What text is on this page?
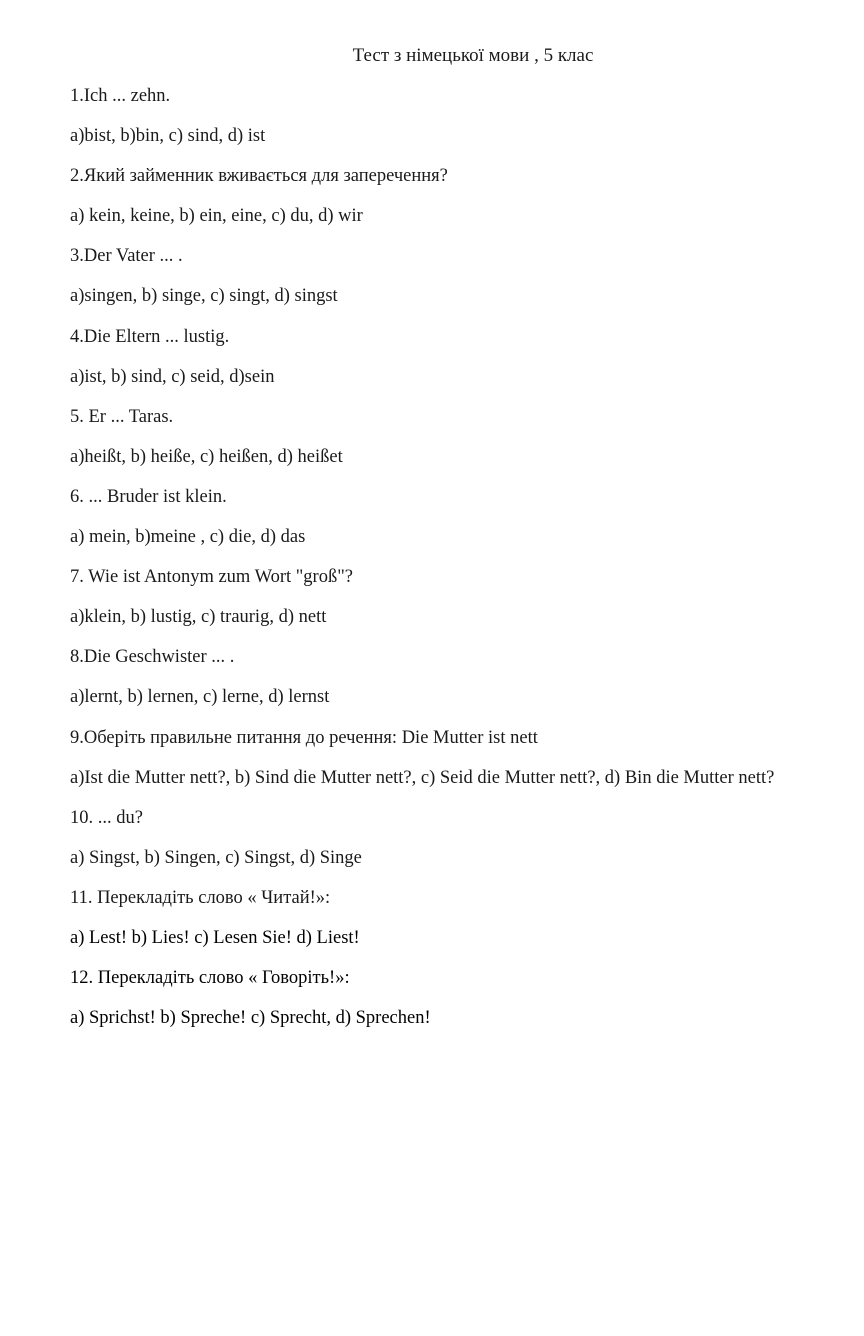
Тест з німецької мови , 5 клас
1.Ich ... zehn.
a)bist, b)bin, c) sind, d) ist
2.Який займенник вживається для заперечення?
a) kein, keine, b) ein, eine, c) du, d) wir
3.Der Vater ... .
a)singen, b) singe, c) singt, d) singst
4.Die Eltern ... lustig.
a)ist, b) sind, c) seid, d)sein
5. Er ... Taras.
a)heißt, b) heiße, c) heißen, d) heißet
6. ... Bruder ist klein.
a) mein, b)meine , c) die, d) das
7. Wie ist Antonym zum Wort "groß"?
a)klein, b) lustig, c) traurig, d) nett
8.Die Geschwister ... .
a)lernt, b) lernen, c) lerne, d) lernst
9.Оберіть правильне питання до речення: Die Mutter ist nett
a)Ist die Mutter nett?, b) Sind die Mutter nett?, c) Seid die Mutter nett?, d) Bin die Mutter nett?
10. ... du?
a) Singst, b) Singen, c) Singst, d) Singe
11. Перекладіть слово « Читай!»:
a) Lest! b) Lies! c) Lesen Sie! d) Liest!
12. Перекладіть слово « Говоріть!»:
a) Sprichst! b) Spreche! c) Sprecht, d) Sprechen!
